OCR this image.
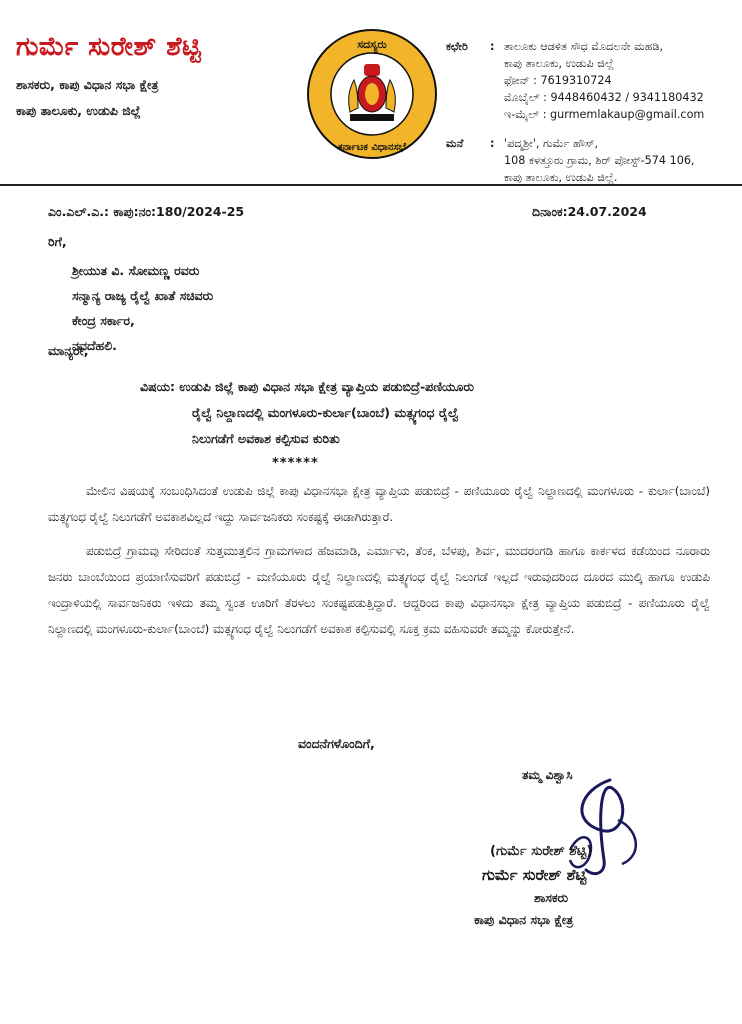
ಗುರ್ಮೆ ಸುರೇಶ್ ಶೆಟ್ಟಿ
ಶಾಸಕರು, ಕಾಪು ವಿಧಾನ ಸಭಾ ಕ್ಷೇತ್ರ
ಕಾಪು ತಾಲೂಕು, ಉಡುಪಿ ಜಿಲ್ಲೆ
ಸದಸ್ಯರು
ಕರ್ನಾಟಕ ವಿಧಾನಸಭೆ
ಕಛೇರಿ	: ತಾಲೂಕು ಆಡಳಿತ ಸೌಧ ಮೊದಲನೇ ಮಹಡಿ,
ಕಾಪು ತಾಲೂಕು, ಉಡುಪಿ ಜಿಲ್ಲೆ
ಫೋನ್ : 7619310724
ಮೊಬೈಲ್ : 9448460432 / 9341180432
ಇ-ಮೈಲ್ : gurmemlakaup@gmail.com
ಮನೆ	: 'ಪದ್ಮಶ್ರೀ', ಗುರ್ಮೆ ಹೌಸ್,
108 ಕಳತ್ತೂರು ಗ್ರಾಮ, ಶಿರ್ ಪೋಸ್ಟ್-574 106,
ಕಾಪು ತಾಲೂಕು, ಉಡುಪಿ ಜಿಲ್ಲೆ.
ಎಂ.ಎಲ್.ಎ.: ಕಾಪು:ನಂ:180/2024-25	ದಿನಾಂಕ:24.07.2024
ರಿಗೆ,
ಶ್ರೀಯುತ ವಿ. ಸೋಮಣ್ಣ ರವರು
ಸನ್ಮಾನ್ಯ ರಾಜ್ಯ ರೈಲ್ವೆ ಖಾತೆ ಸಚಿವರು
ಕೇಂದ್ರ ಸರ್ಕಾರ,
ನವದೆಹಲಿ.
ಮಾನ್ಯರೇ,
ವಿಷಯ: ಉಡುಪಿ ಜಿಲ್ಲೆ ಕಾಪು ವಿಧಾನ ಸಭಾ ಕ್ಷೇತ್ರ ವ್ಯಾಪ್ತಿಯ ಪಡುಬಿದ್ರೆ-ಪಣಿಯೂರು
ರೈಲ್ವೆ ನಿಲ್ದಾಣದಲ್ಲಿ ಮಂಗಳೂರು-ಕುರ್ಲಾ(ಬಾಂಬೆ) ಮತ್ಸ್ಯಗಂಧ ರೈಲ್ವೆ
ನಿಲುಗಡೆಗೆ ಅವಕಾಶ ಕಲ್ಪಿಸುವ ಕುರಿತು
******

ಮೇಲಿನ ವಿಷಯಕ್ಕೆ ಸಂಬಂಧಿಸಿದಂತೆ ಉಡುಪಿ ಜಿಲ್ಲೆ ಕಾಪು ವಿಧಾನಸಭಾ ಕ್ಷೇತ್ರ ವ್ಯಾಪ್ತಿಯ ಪಡುಬಿದ್ರೆ - ಪಣಿಯೂರು ರೈಲ್ವೆ ನಿಲ್ದಾಣದಲ್ಲಿ ಮಂಗಳೂರು - ಕುರ್ಲಾ(ಬಾಂಬೆ) ಮತ್ಸ್ಯಗಂಧ ರೈಲ್ವೆ ನಿಲುಗಡೆಗೆ ಅವಕಾಶವಿಲ್ಲದೆ ಇದ್ದು ಸಾರ್ವಜನಿಕರು ಸಂಕಷ್ಟಕ್ಕೆ ಈಡಾಗಿರುತ್ತಾರೆ.

ಪಡುಬಿದ್ರೆ ಗ್ರಾಮವು ಸೇರಿದಂತೆ ಸುತ್ತಮುತ್ತಲಿನ ಗ್ರಾಮಗಳಾದ ಹೆಜಮಾಡಿ, ಎರ್ಮಾಳು, ತೆಂಕ, ಬೆಳಪು, ಶಿರ್ವ, ಮುದರಂಗಡಿ ಹಾಗೂ ಕಾರ್ಕಳದ ಕಡೆಯಿಂದ ನೂರಾರು ಜನರು ಬಾಂಬೆಯಿಂದ ಪ್ರಯಾಣಿಸುವರಿಗೆ ಪಡುಬಿದ್ರೆ - ಮಣಿಯೂರು ರೈಲ್ವೆ ನಿಲ್ದಾಣದಲ್ಲಿ ಮತ್ಸ್ಯಗಂಧ ರೈಲ್ವೆ ನಿಲುಗಡೆ ಇಲ್ಲದೆ ಇರುವುದರಿಂದ ದೂರದ ಮುಲ್ಕಿ ಹಾಗೂ ಉಡುಪಿ ಇಂದ್ರಾಳಿಯಲ್ಲಿ ಸಾರ್ವಜನಿಕರು ಇಳಿದು ತಮ್ಮ ಸ್ವಂತ ಊರಿಗೆ ತೆರಳಲು ಸಂಕಷ್ಟಪಡುತ್ತಿದ್ದಾರೆ. ಆದ್ದರಿಂದ ಕಾಪು ವಿಧಾನಸಭಾ ಕ್ಷೇತ್ರ ವ್ಯಾಪ್ತಿಯ ಪಡುಬಿದ್ರೆ - ಪಣಿಯೂರು ರೈಲ್ವೆ ನಿಲ್ದಾಣದಲ್ಲಿ ಮಂಗಳೂರು-ಕುರ್ಲಾ(ಬಾಂಬೆ) ಮತ್ಸ್ಯಗಂಧ ರೈಲ್ವೆ ನಿಲುಗಡೆಗೆ ಅವಕಾಶ ಕಲ್ಪಿಸುವಲ್ಲಿ ಸೂಕ್ತ ಕ್ರಮ ವಹಿಸುವರೇ ತಮ್ಮನ್ನು ಕೋರುತ್ತೇನೆ.

ವಂದನೆಗಳೊಂದಿಗೆ,
ತಮ್ಮ ವಿಶ್ವಾಸಿ
(ಗುರ್ಮೆ ಸುರೇಶ್ ಶೆಟ್ಟಿ)
ಗುರ್ಮೆ ಸುರೇಶ್ ಶೆಟ್ಟಿ
ಶಾಸಕರು
ಕಾಪು ವಿಧಾನ ಸಭಾ ಕ್ಷೇತ್ರ
